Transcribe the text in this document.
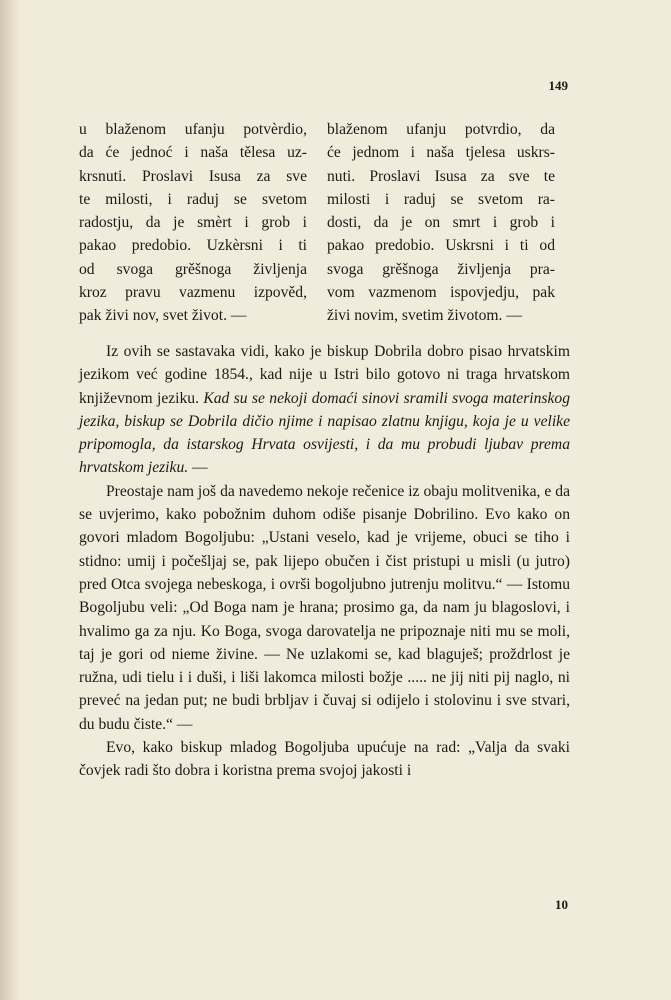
149
u blaženom ufanju potvèrdio,
da će jednoć i naša tělesa uz-
krsnuti. Proslavi Isusa za sve
te milosti, i raduj se svetom
radostju, da je smèrt i grob i
pakao predobio. Uzkèrsni i ti
od svoga grěšnoga življenja
kroz pravu vazmenu izpověd,
pak živi nov, svet život. —
blaženom ufanju potvrdio, da
će jednom i naša tjelesa uskrs-
nuti. Proslavi Isusa za sve te
milosti i raduj se svetom ra-
dosti, da je on smrt i grob i
pakao predobio. Uskrsni i ti od
svoga grěšnoga življenja pra-
vom vazmenom ispovjedju, pak
živi novim, svetim životom. —

Iz ovih se sastavaka vidi, kako je biskup Dobrila dobro pisao hrvatskim jezikom već godine 1854., kad nije u Istri bilo gotovo ni traga hrvatskom književnom jeziku. Kad su se nekoji domaći sinovi sramili svoga materinskog jezika, biskup se Dobrila dičio njime i napisao zlatnu knjigu, koja je u velike pripomogla, da istarskog Hrvata osvijesti, i da mu probudi ljubav prema hrvatskom jeziku. —

Preostaje nam još da navedemo nekoje rečenice iz obaju molitvenika, e da se uvjerimo, kako pobožnim duhom odiše pisanje Dobrilino. Evo kako on govori mladom Bogoljubu: „Ustani veselo, kad je vrijeme, obuci se tiho i stidno: umij i počešljaj se, pak lijepo obučen i čist pristupi u misli (u jutro) pred Otca svojega nebeskoga, i ovrši bogoljubno jutrenju molitvu.“ — Istomu Bogoljubu veli: „Od Boga nam je hrana; prosimo ga, da nam ju blagoslovi, i hvalimo ga za nju. Ko Boga, svoga darovatelja ne pripoznaje niti mu se moli, taj je gori od nieme živine. — Ne uzlakomi se, kad blaguješ; proždrlost je ružna, udi tielu i i duši, i liši lakomca milosti božje ..... ne jij niti pij naglo, ni preveć na jedan put; ne budi brbljav i čuvaj si odijelo i stolovinu i sve stvari, du budu čiste.“ —

Evo, kako biskup mladog Bogoljuba upućuje na rad: „Valja da svaki čovjek radi što dobra i koristna prema svojoj jakosti i

10
